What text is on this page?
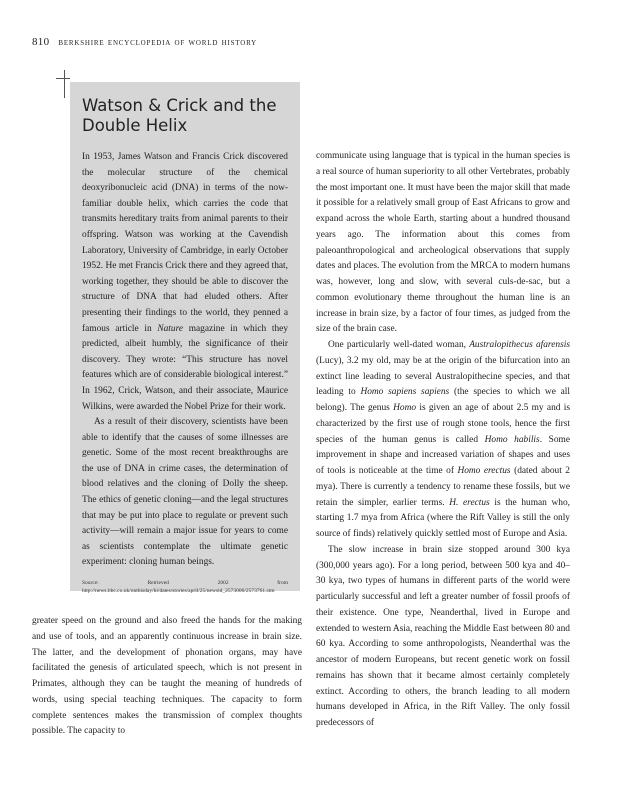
810 berkshire encyclopedia of world history
Watson & Crick and the Double Helix

In 1953, James Watson and Francis Crick discovered the molecular structure of the chemical deoxyribonucleic acid (DNA) in terms of the now-familiar double helix, which carries the code that transmits hereditary traits from animal parents to their offspring. Watson was working at the Cavendish Laboratory, University of Cambridge, in early October 1952. He met Francis Crick there and they agreed that, working together, they should be able to discover the structure of DNA that had eluded others. After presenting their findings to the world, they penned a famous article in Nature magazine in which they predicted, albeit humbly, the significance of their discovery. They wrote: “This structure has novel features which are of considerable biological interest.” In 1962, Crick, Watson, and their associate, Maurice Wilkins, were awarded the Nobel Prize for their work.

As a result of their discovery, scientists have been able to identify that the causes of some illnesses are genetic. Some of the most recent breakthroughs are the use of DNA in crime cases, the determination of blood relatives and the cloning of Dolly the sheep. The ethics of genetic cloning—and the legal structures that may be put into place to regulate or prevent such activity—will remain a major issue for years to come as scientists contemplate the ultimate genetic experiment: cloning human beings.

Source: Retrieved 2002 from http://news.bbc.co.uk/onthisday/hi/dates/stories/april/25/newsid_2573000/2573761.stm

greater speed on the ground and also freed the hands for the making and use of tools, and an apparently continuous increase in brain size. The latter, and the development of phonation organs, may have facilitated the genesis of articulated speech, which is not present in Primates, although they can be taught the meaning of hundreds of words, using special teaching techniques. The capacity to form complete sentences makes the transmission of complex thoughts possible. The capacity to

communicate using language that is typical in the human species is a real source of human superiority to all other Vertebrates, probably the most important one. It must have been the major skill that made it possible for a relatively small group of East Africans to grow and expand across the whole Earth, starting about a hundred thousand years ago. The information about this comes from paleoanthropological and archeological observations that supply dates and places. The evolution from the MRCA to modern humans was, however, long and slow, with several culs-de-sac, but a common evolutionary theme throughout the human line is an increase in brain size, by a factor of four times, as judged from the size of the brain case.

One particularly well-dated woman, Australopithecus afarensis (Lucy), 3.2 my old, may be at the origin of the bifurcation into an extinct line leading to several Australopithecine species, and that leading to Homo sapiens sapiens (the species to which we all belong). The genus Homo is given an age of about 2.5 my and is characterized by the first use of rough stone tools, hence the first species of the human genus is called Homo habilis. Some improvement in shape and increased variation of shapes and uses of tools is noticeable at the time of Homo erectus (dated about 2 mya). There is currently a tendency to rename these fossils, but we retain the simpler, earlier terms. H. erectus is the human who, starting 1.7 mya from Africa (where the Rift Valley is still the only source of finds) relatively quickly settled most of Europe and Asia.

The slow increase in brain size stopped around 300 kya (300,000 years ago). For a long period, between 500 kya and 40–30 kya, two types of humans in different parts of the world were particularly successful and left a greater number of fossil proofs of their existence. One type, Neanderthal, lived in Europe and extended to western Asia, reaching the Middle East between 80 and 60 kya. According to some anthropologists, Neanderthal was the ancestor of modern Europeans, but recent genetic work on fossil remains has shown that it became almost certainly completely extinct. According to others, the branch leading to all modern humans developed in Africa, in the Rift Valley. The only fossil predecessors of
